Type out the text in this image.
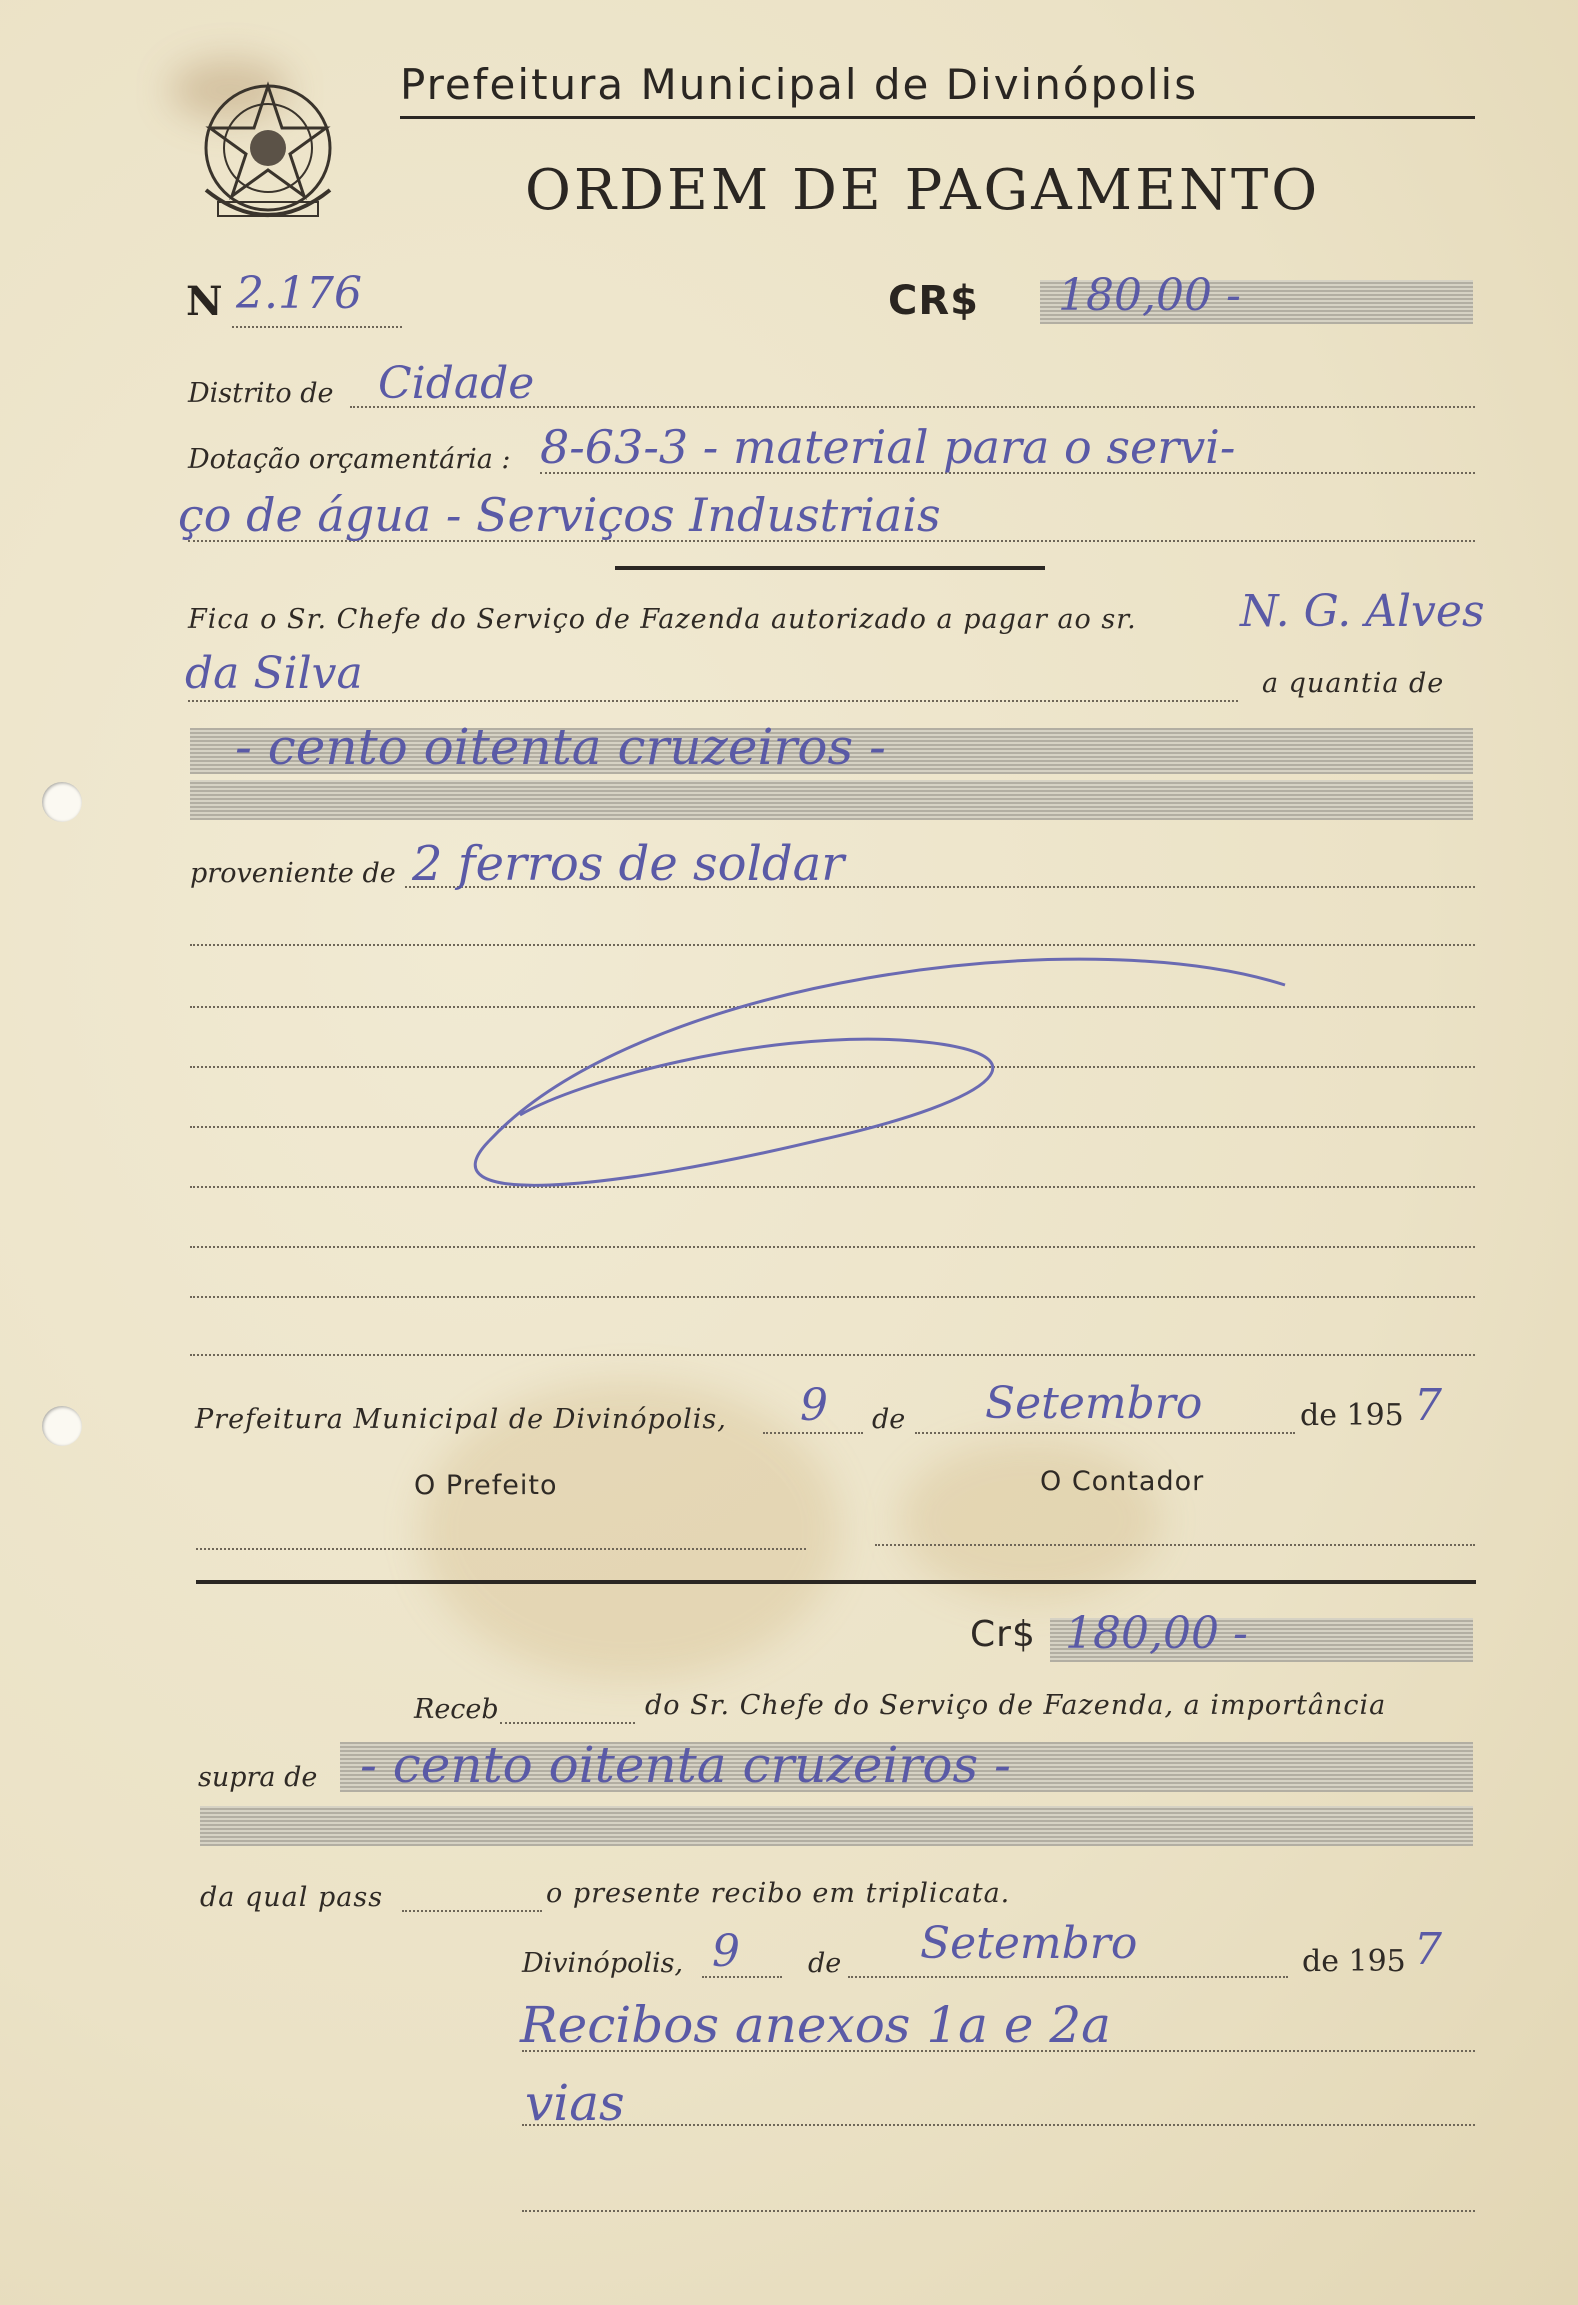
Prefeitura Municipal de Divinópolis
ORDEM DE PAGAMENTO
N 2.176	CR$ 180,00 -
Distrito de Cidade
Dotação orçamentária : 8-63-3 - material para o servi-
ço de água - Serviços Industriais
Fica o Sr. Chefe do Serviço de Fazenda autorizado a pagar ao sr. N. G. Alves
da Silva	a quantia de
- cento oitenta cruzeiros -
proveniente de 2 ferros de soldar
Prefeitura Municipal de Divinópolis, 9 de Setembro	de 195 7
O Prefeito	O Contador
Cr$ 180,00 -
Receb	do Sr. Chefe do Serviço de Fazenda, a importância
supra de - cento oitenta cruzeiros -
da qual pass	o presente recibo em triplicata.
Divinópolis, 9	de Setembro	de 195 7
Recibos anexos 1a e 2a
vias
